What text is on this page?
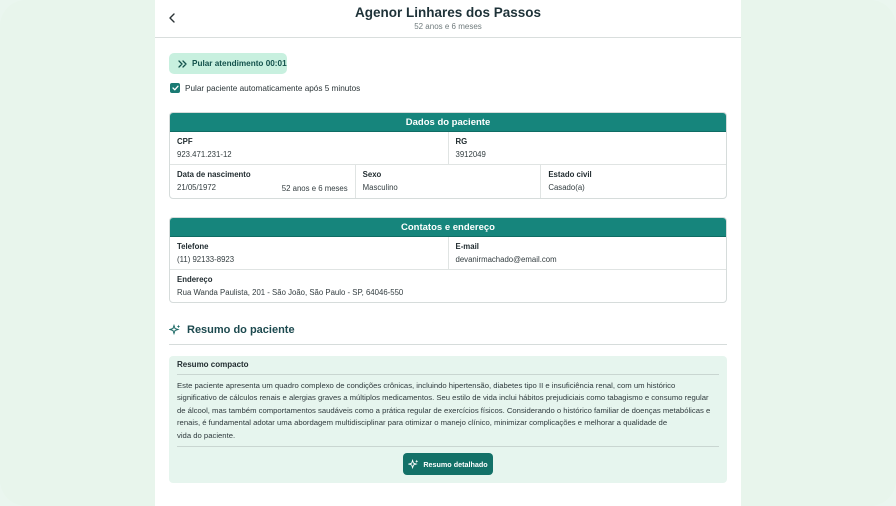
Agenor Linhares dos Passos
52 anos e 6 meses
Pular atendimento 00:01
Pular paciente automaticamente após 5 minutos
Dados do paciente
CPF
923.471.231-12
RG
3912049
Data de nascimento
21/05/1972	52 anos e 6 meses
Sexo
Masculino
Estado civil
Casado(a)
Contatos e endereço
Telefone
(11) 92133-8923
E-mail
devanirmachado@email.com
Endereço
Rua Wanda Paulista, 201 - São João, São Paulo - SP, 64046-550
Resumo do paciente
Resumo compacto
Este paciente apresenta um quadro complexo de condições crônicas, incluindo hipertensão, diabetes tipo II e insuficiência renal, com um histórico
significativo de cálculos renais e alergias graves a múltiplos medicamentos. Seu estilo de vida inclui hábitos prejudiciais como tabagismo e consumo regular
de álcool, mas também comportamentos saudáveis como a prática regular de exercícios físicos. Considerando o histórico familiar de doenças metabólicas e
renais, é fundamental adotar uma abordagem multidisciplinar para otimizar o manejo clínico, minimizar complicações e melhorar a qualidade de
vida do paciente.
Resumo detalhado
